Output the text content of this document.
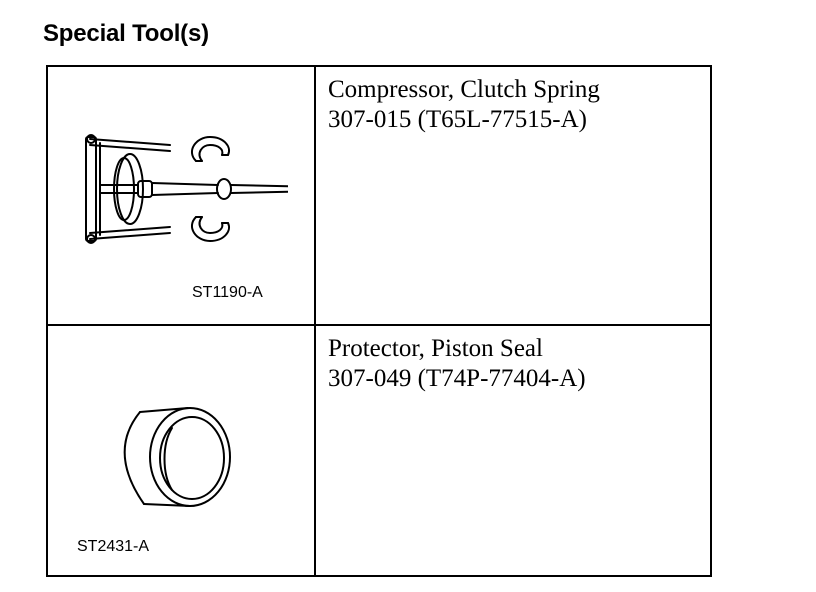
Special Tool(s)
ST1190-A
Compressor, Clutch Spring
307-015 (T65L-77515-A)
ST2431-A
Protector, Piston Seal
307-049 (T74P-77404-A)
